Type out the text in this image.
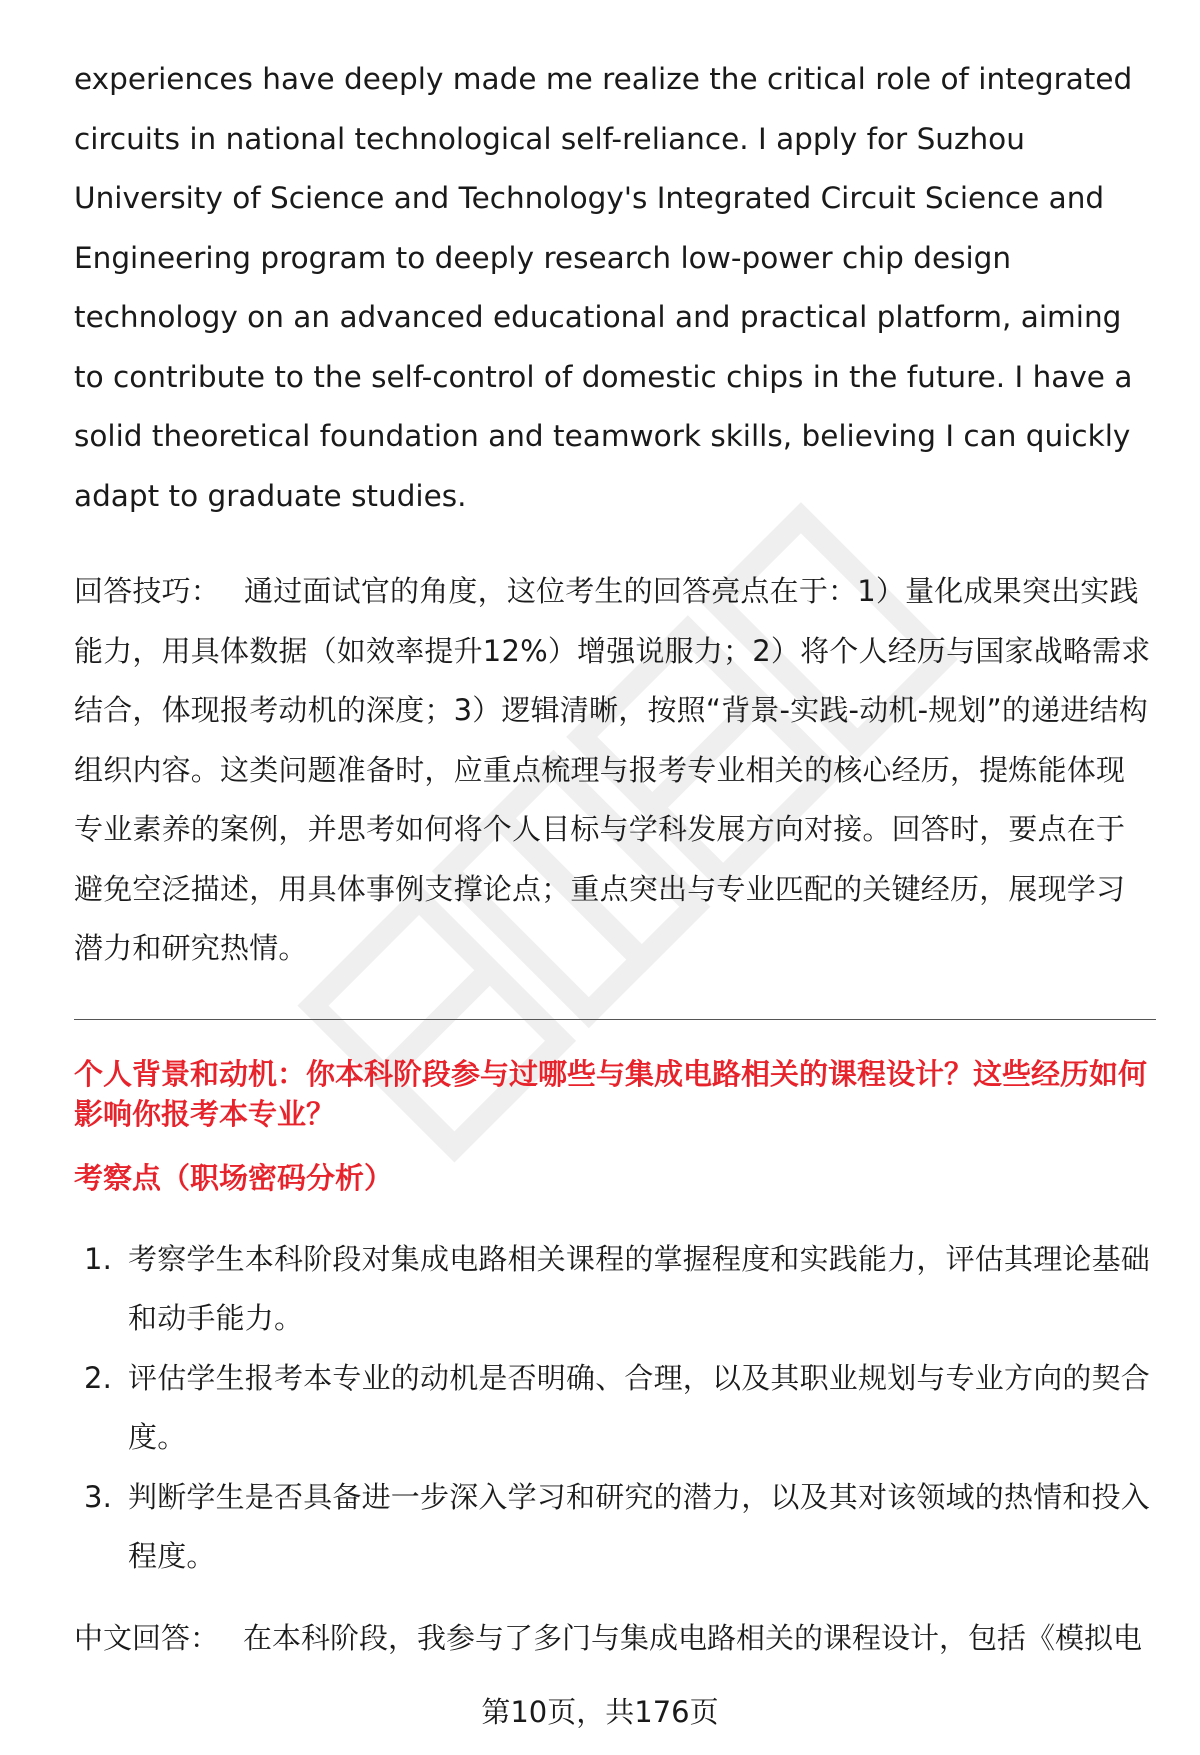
experiences have deeply made me realize the critical role of integrated circuits in national technological self-reliance. I apply for Suzhou University of Science and Technology's Integrated Circuit Science and Engineering program to deeply research low-power chip design technology on an advanced educational and practical platform, aiming to contribute to the self-control of domestic chips in the future. I have a solid theoretical foundation and teamwork skills, believing I can quickly adapt to graduate studies.

回答技巧： 通过面试官的角度，这位考生的回答亮点在于：1）量化成果突出实践能力，用具体数据（如效率提升12%）增强说服力；2）将个人经历与国家战略需求结合，体现报考动机的深度；3）逻辑清晰，按照“背景-实践-动机-规划”的递进结构组织内容。这类问题准备时，应重点梳理与报考专业相关的核心经历，提炼能体现专业素养的案例，并思考如何将个人目标与学科发展方向对接。回答时，要点在于避免空泛描述，用具体事例支撑论点；重点突出与专业匹配的关键经历，展现学习潜力和研究热情。

个人背景和动机：你本科阶段参与过哪些与集成电路相关的课程设计？这些经历如何影响你报考本专业？

考察点（职场密码分析）

1. 考察学生本科阶段对集成电路相关课程的掌握程度和实践能力，评估其理论基础和动手能力。
2. 评估学生报考本专业的动机是否明确、合理，以及其职业规划与专业方向的契合度。
3. 判断学生是否具备进一步深入学习和研究的潜力，以及其对该领域的热情和投入程度。

中文回答： 在本科阶段，我参与了多门与集成电路相关的课程设计，包括《模拟电

第10页，共176页
